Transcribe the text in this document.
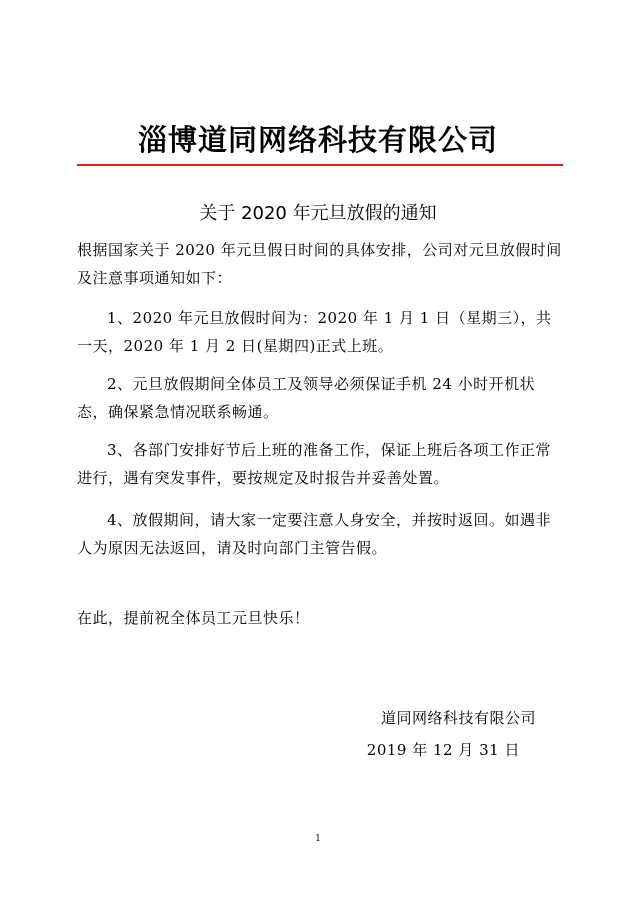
淄博道同网络科技有限公司
关于 2020 年元旦放假的通知
根据国家关于 2020 年元旦假日时间的具体安排，公司对元旦放假时间及注意事项通知如下：
1、2020 年元旦放假时间为：2020 年 1 月 1 日（星期三），共一天，2020 年 1 月 2 日(星期四)正式上班。
2、元旦放假期间全体员工及领导必须保证手机 24 小时开机状态，确保紧急情况联系畅通。
3、各部门安排好节后上班的准备工作，保证上班后各项工作正常进行，遇有突发事件，要按规定及时报告并妥善处置。
4、放假期间，请大家一定要注意人身安全，并按时返回。如遇非人为原因无法返回，请及时向部门主管告假。
在此，提前祝全体员工元旦快乐！
道同网络科技有限公司
2019 年 12 月 31 日
1
